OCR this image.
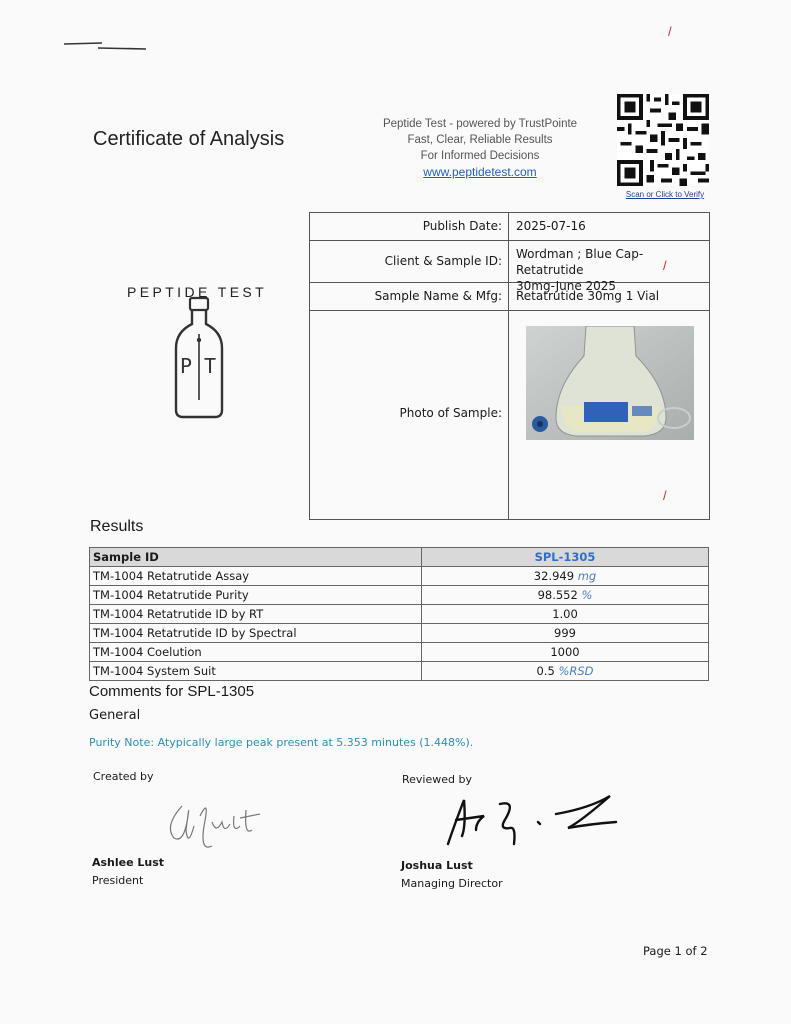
/
/
/
Certificate of Analysis
Peptide Test - powered by TrustPointe
Fast, Clear, Reliable Results
For Informed Decisions
www.peptidetest.com
Scan or Click to Verify
PEPTIDE TEST
PT
Publish Date:	2025-07-16
Client & Sample ID:	Wordman ; Blue Cap- Retatrutide
30mg-June 2025
Sample Name & Mfg:	Retatrutide 30mg 1 Vial
Photo of Sample:
Results
Sample ID	SPL-1305
TM-1004 Retatrutide Assay	32.949 mg
TM-1004 Retatrutide Purity	98.552 %
TM-1004 Retatrutide ID by RT	1.00
TM-1004 Retatrutide ID by Spectral	999
TM-1004 Coelution	1000
TM-1004 System Suit	0.5 %RSD
Comments for SPL-1305
General
Purity Note: Atypically large peak present at 5.353 minutes (1.448%).
Created by
Ashlee Lust
President
Reviewed by
Joshua Lust
Managing Director
Page 1 of 2
